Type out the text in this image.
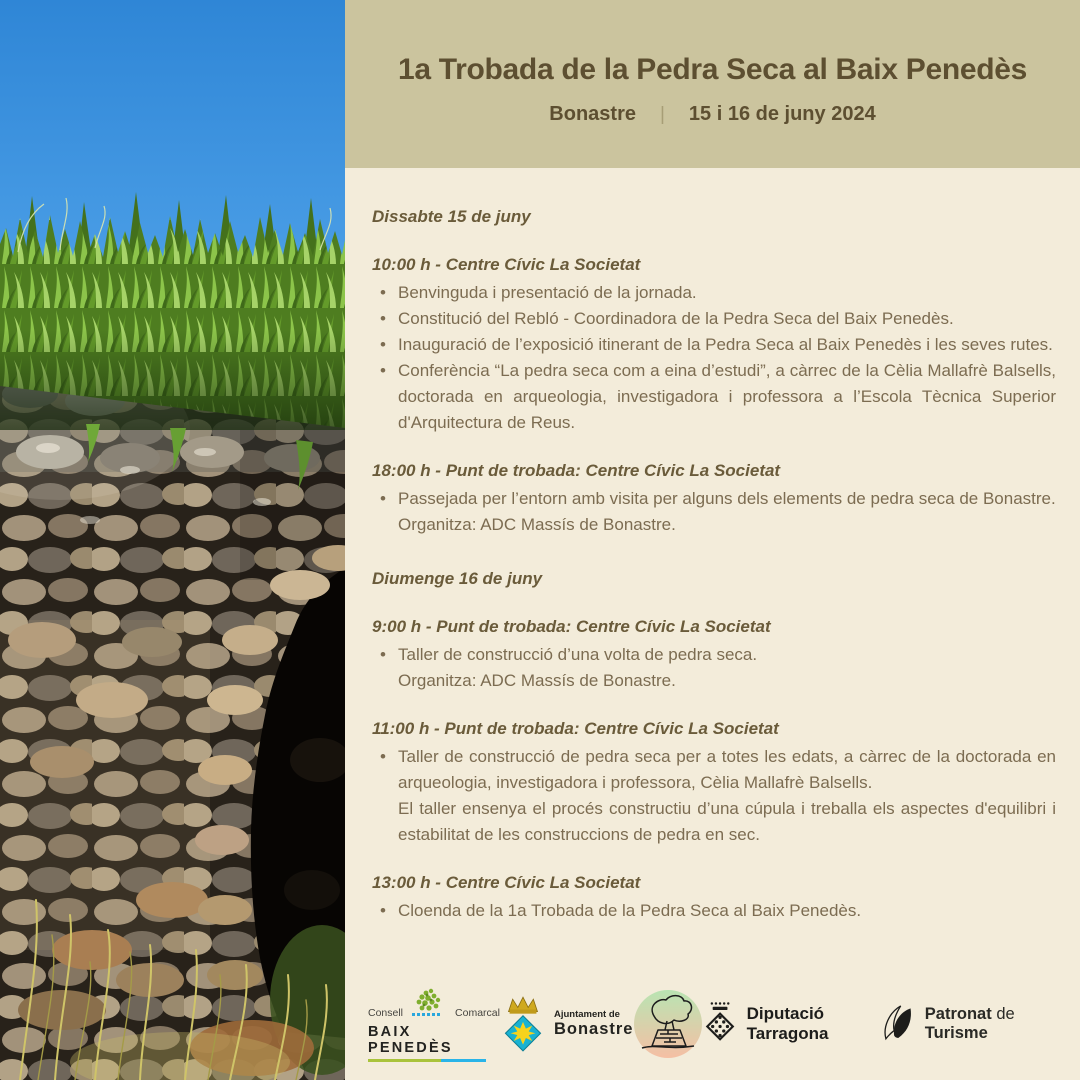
1a Trobada de la Pedra Seca al Baix Penedès
Bonastre | 15 i 16 de juny 2024

Dissabte 15 de juny

10:00 h - Centre Cívic La Societat

• Benvinguda i presentació de la jornada.
• Constitució del Rebló - Coordinadora de la Pedra Seca del Baix Penedès.
• Inauguració de l’exposició itinerant de la Pedra Seca al Baix Penedès i les seves rutes.
• Conferència “La pedra seca com a eina d’estudi”, a càrrec de la Cèlia Mallafrè Balsells, doctorada en arqueologia, investigadora i professora a l’Escola Tècnica Superior d'Arquitectura de Reus.

18:00 h - Punt de trobada: Centre Cívic La Societat

• Passejada per l’entorn amb visita per alguns dels elements de pedra seca de Bonastre.
Organitza: ADC Massís de Bonastre.

Diumenge 16 de juny

9:00 h - Punt de trobada: Centre Cívic La Societat

• Taller de construcció d’una volta de pedra seca.
Organitza: ADC Massís de Bonastre.

11:00 h - Punt de trobada: Centre Cívic La Societat

• Taller de construcció de pedra seca per a totes les edats, a càrrec de la doctorada en arqueologia, investigadora i professora, Cèlia Mallafrè Balsells.
El taller ensenya el procés constructiu d’una cúpula i treballa els aspectes d'equilibri i estabilitat de les construccions de pedra en sec.

13:00 h - Centre Cívic La Societat

• Cloenda de la 1a Trobada de la Pedra Seca al Baix Penedès.
Consell	Comarcal
BAIX PENEDÈS
Ajuntament de
Bonastre
Diputació Tarragona
Patronat de Turisme
